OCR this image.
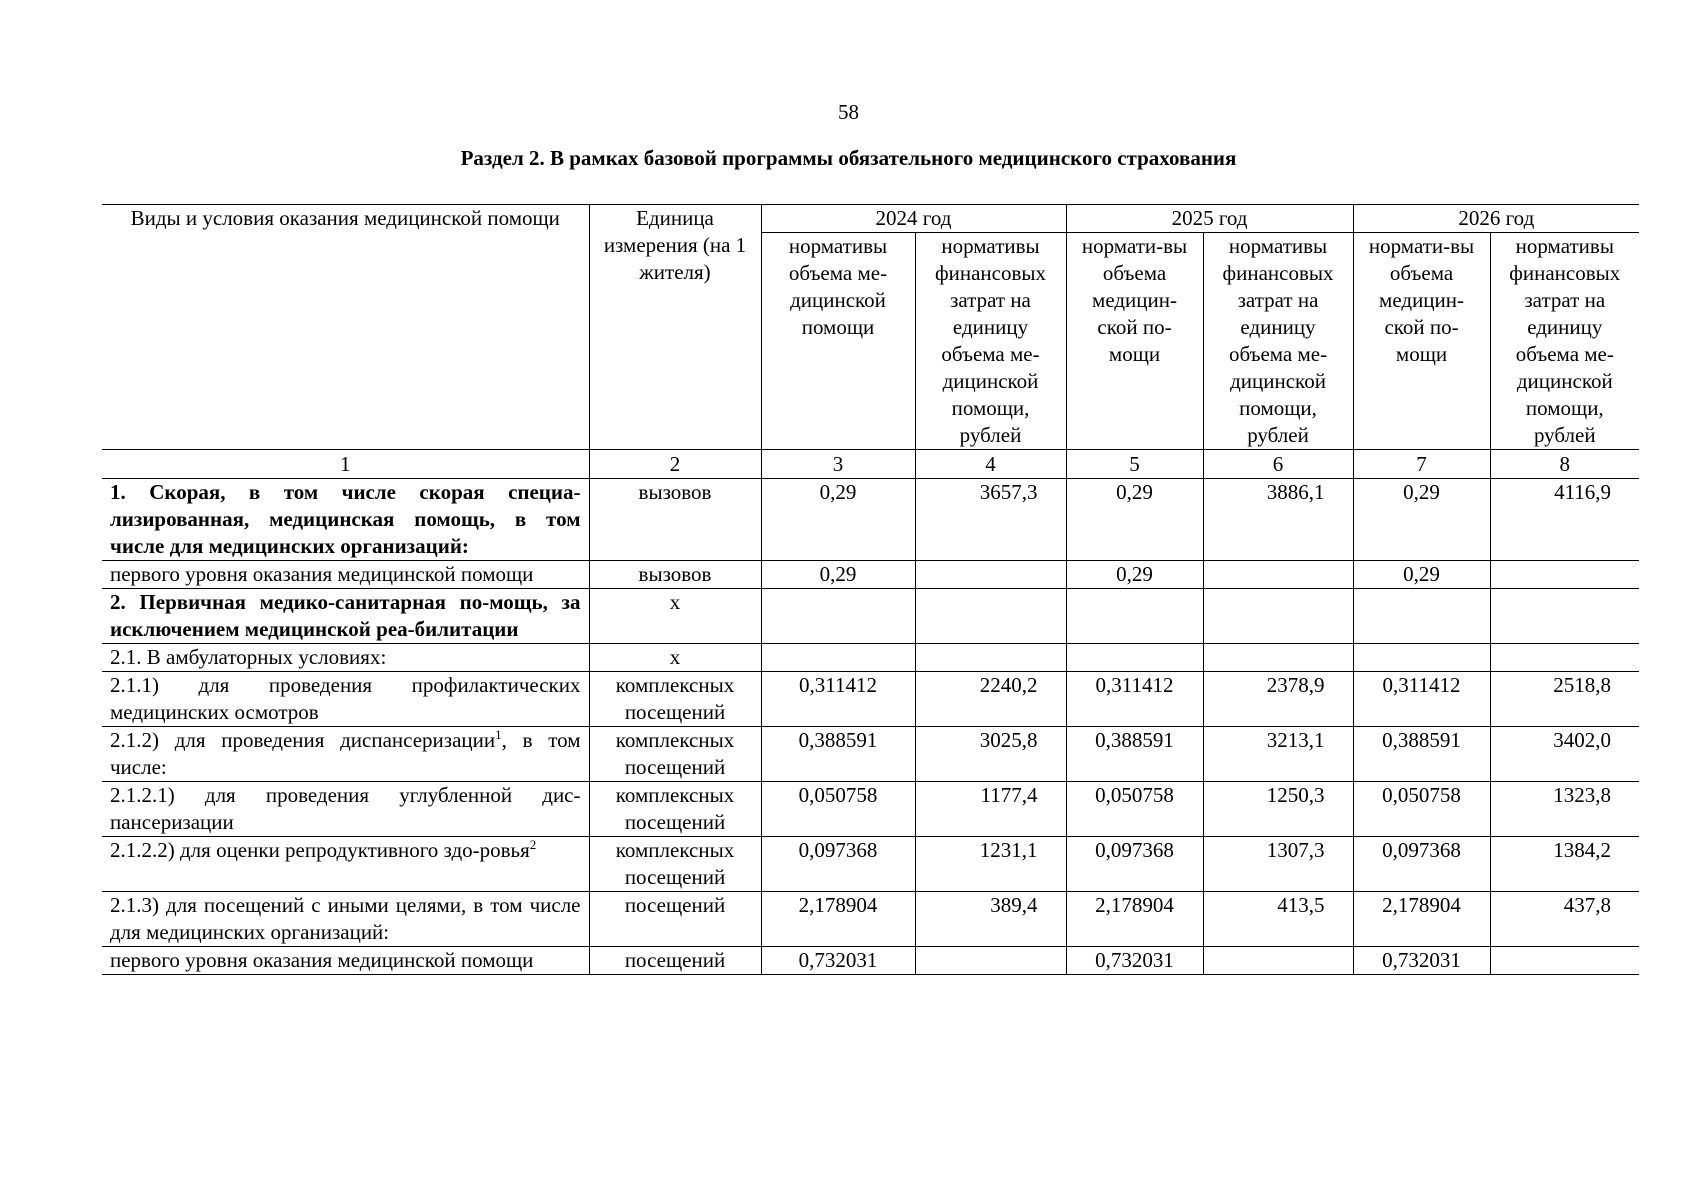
58
Раздел 2. В рамках базовой программы обязательного медицинского страхования
Виды и условия оказания медицинской помощи	Единица измерения (на 1 жителя)	2024 год		2025 год		2026 год	
		нормативы объема ме-дицинской помощи	нормативы финансовых затрат на единицу объема ме-дицинской помощи, рублей	нормати-вы объема медицин-ской по-мощи	нормативы финансовых затрат на единицу объема ме-дицинской помощи, рублей	нормати-вы объема медицин-ской по-мощи	нормативы финансовых затрат на единицу объема ме-дицинской помощи, рублей
1	2	3	4	5	6	7	8
1. Скорая, в том числе скорая специа-лизированная, медицинская помощь, в том числе для медицинских организаций:	вызовов	0,29	3657,3	0,29	3886,1	0,29	4116,9
первого уровня оказания медицинской помощи	вызовов	0,29		0,29		0,29	
2. Первичная медико-санитарная по-мощь, за исключением медицинской реа-билитации	х						
2.1. В амбулаторных условиях:	х						
2.1.1) для проведения профилактических медицинских осмотров	комплексных посещений	0,311412	2240,2	0,311412	2378,9	0,311412	2518,8
2.1.2) для проведения диспансеризации$^1$, в том числе:	комплексных посещений	0,388591	3025,8	0,388591	3213,1	0,388591	3402,0
2.1.2.1) для проведения углубленной дис-пансеризации	комплексных посещений	0,050758	1177,4	0,050758	1250,3	0,050758	1323,8
2.1.2.2) для оценки репродуктивного здо-ровья$^2$	комплексных посещений	0,097368	1231,1	0,097368	1307,3	0,097368	1384,2
2.1.3) для посещений с иными целями, в том числе для медицинских организаций:	посещений	2,178904	389,4	2,178904	413,5	2,178904	437,8
первого уровня оказания медицинской помощи	посещений	0,732031		0,732031		0,732031	
